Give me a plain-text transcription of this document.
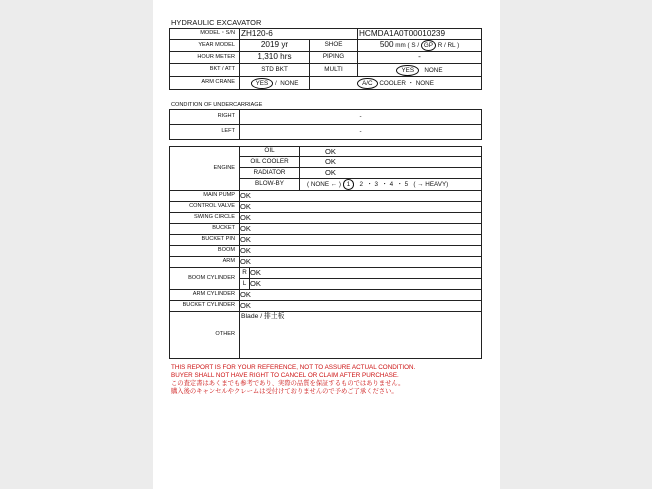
HYDRAULIC EXCAVATOR
MODEL・S/N	ZH120-6		HCMDA1A0T00010239
YEAR MODEL	2019 yr	SHOE	500 mm ( S / GP R / RL )
HOUR METER	1,310 hrs	PIPING	-
BKT / ATT	STD BKT	MULTI	YES NONE
ARM CRANE	YES /  NONE	A/C COOLER ・ NONE	
CONDITION OF UNDERCARRIAGE
RIGHT	-
LEFT	-
ENGINE	OIL		OK
	OIL COOLER		OK
	RADIATOR		OK
	BLOW-BY		( NONE ← ) 1 2  ・ 3  ・ 4  ・ 5 ( → HEAVY)
MAIN PUMP	OK		
CONTROL VALVE	OK		
SWING CIRCLE	OK		
BUCKET	OK		
BUCKET PIN	OK		
BOOM	OK		
ARM	OK		
BOOM CYLINDER	R	OK	
	L	OK	
ARM CYLINDER	OK		
BUCKET CYLINDER	OK		
OTHER	Blade / 排土板		
THIS REPORT IS FOR YOUR REFERENCE, NOT TO ASSURE ACTUAL CONDITION.
BUYER SHALL NOT HAVE RIGHT TO CANCEL OR CLAIM AFTER PURCHASE.
この査定書はあくまでも参考であり、実際の品質を保証するものではありません。
購入後のキャンセルやクレームは受付けておりませんので予めご了承ください。
